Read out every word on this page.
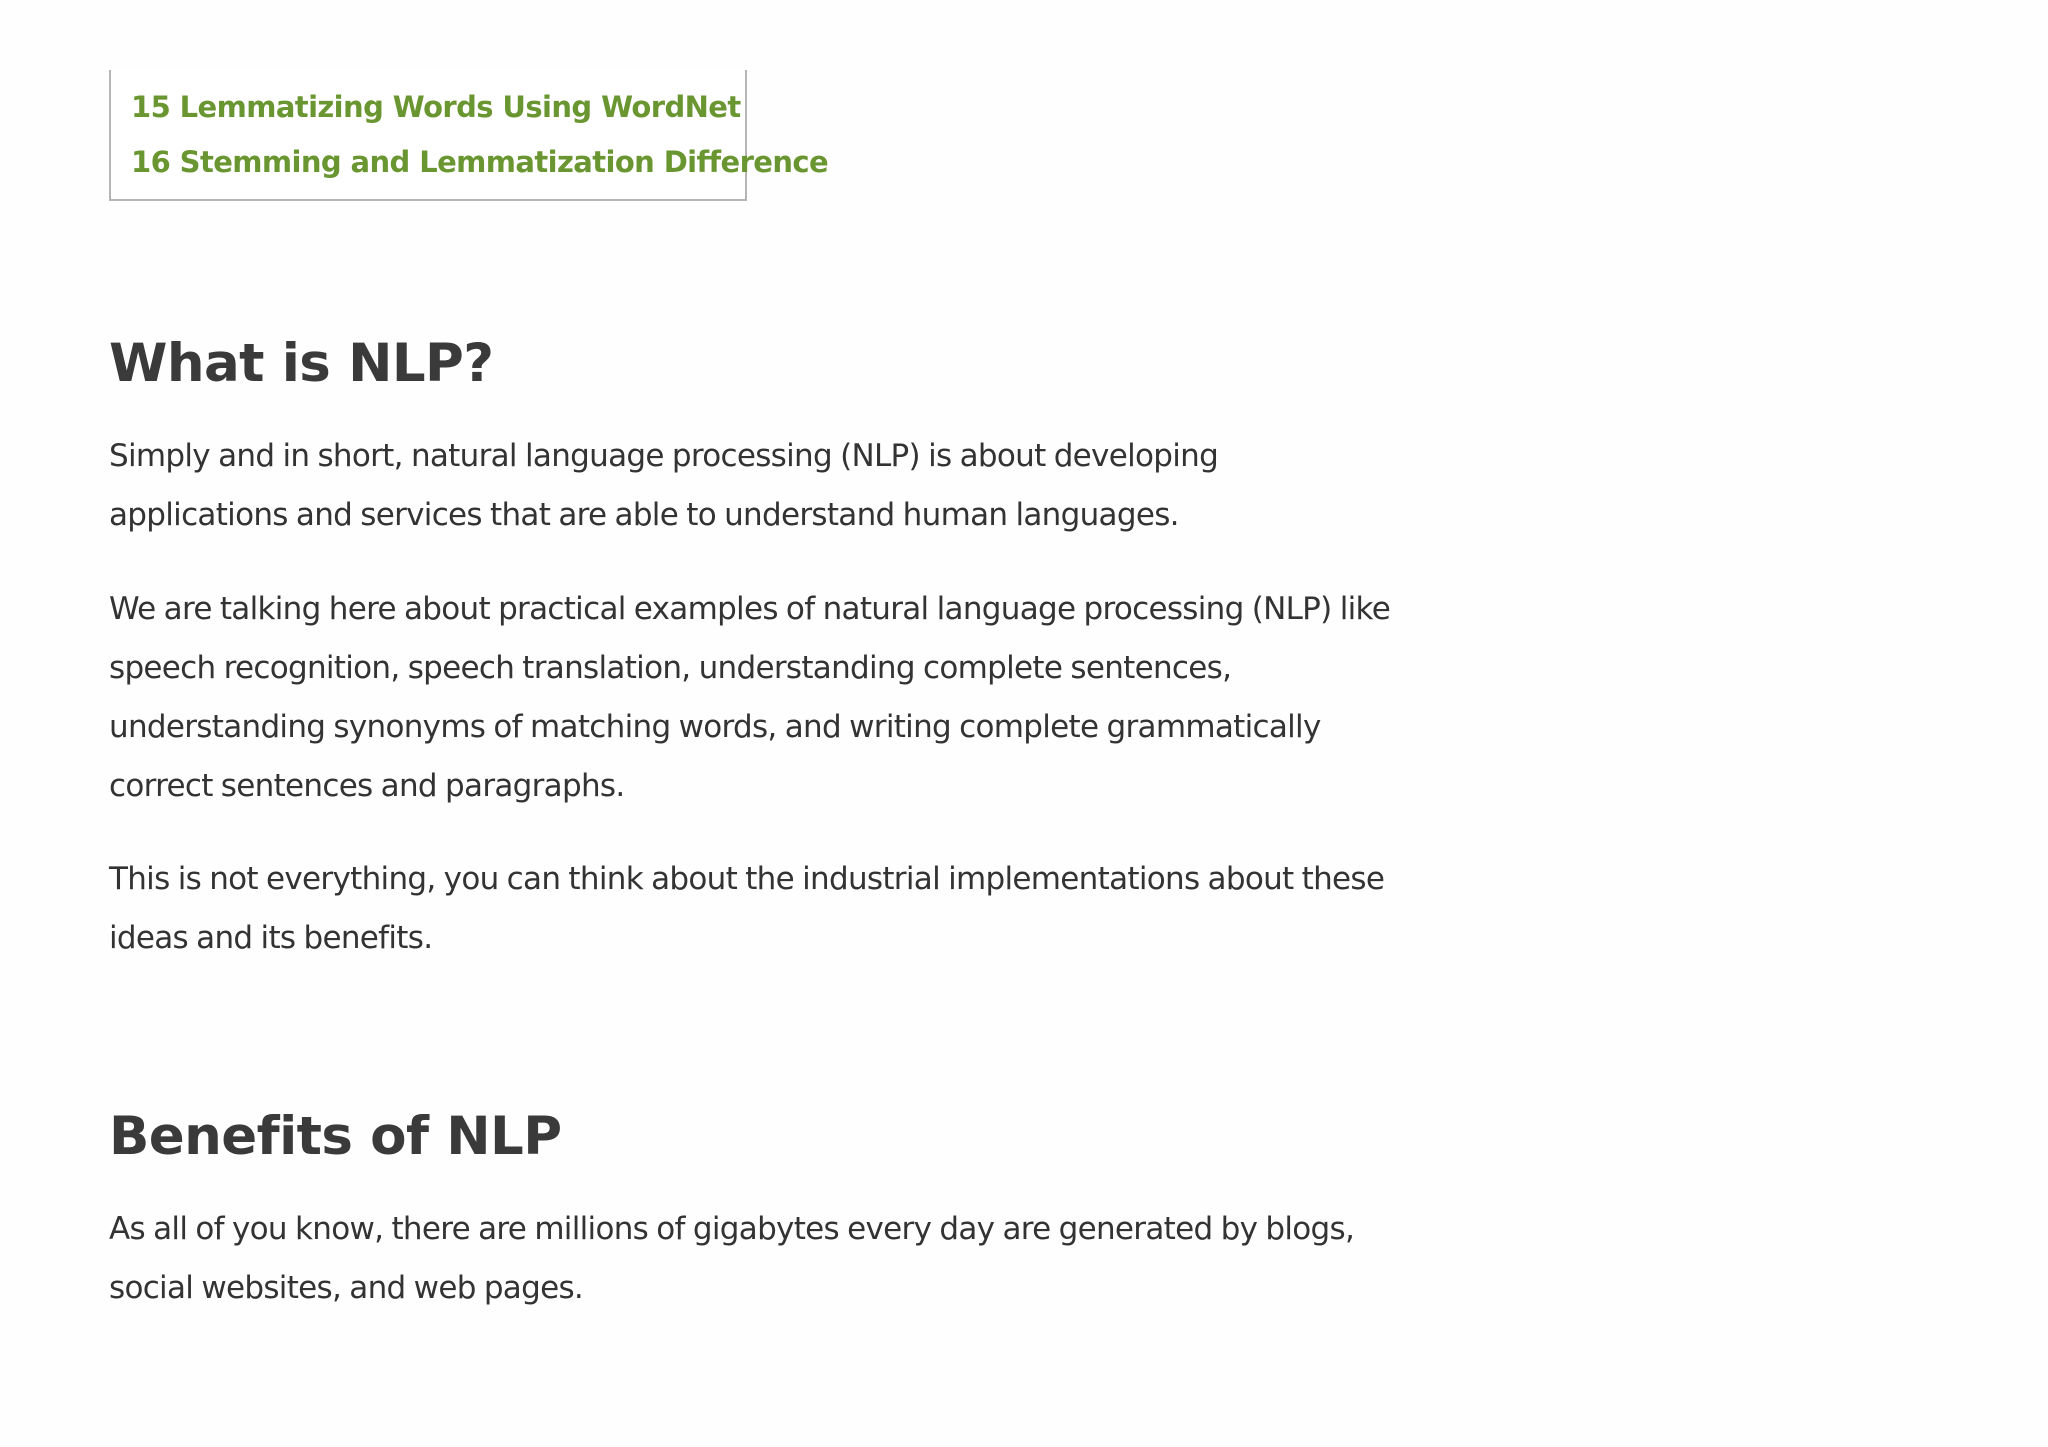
15 Lemmatizing Words Using WordNet
16 Stemming and Lemmatization Difference
What is NLP?

Simply and in short, natural language processing (NLP) is about developing applications and services that are able to understand human languages.

We are talking here about practical examples of natural language processing (NLP) like speech recognition, speech translation, understanding complete sentences, understanding synonyms of matching words, and writing complete grammatically correct sentences and paragraphs.

This is not everything, you can think about the industrial implementations about these ideas and its benefits.

Benefits of NLP

As all of you know, there are millions of gigabytes every day are generated by blogs, social websites, and web pages.
